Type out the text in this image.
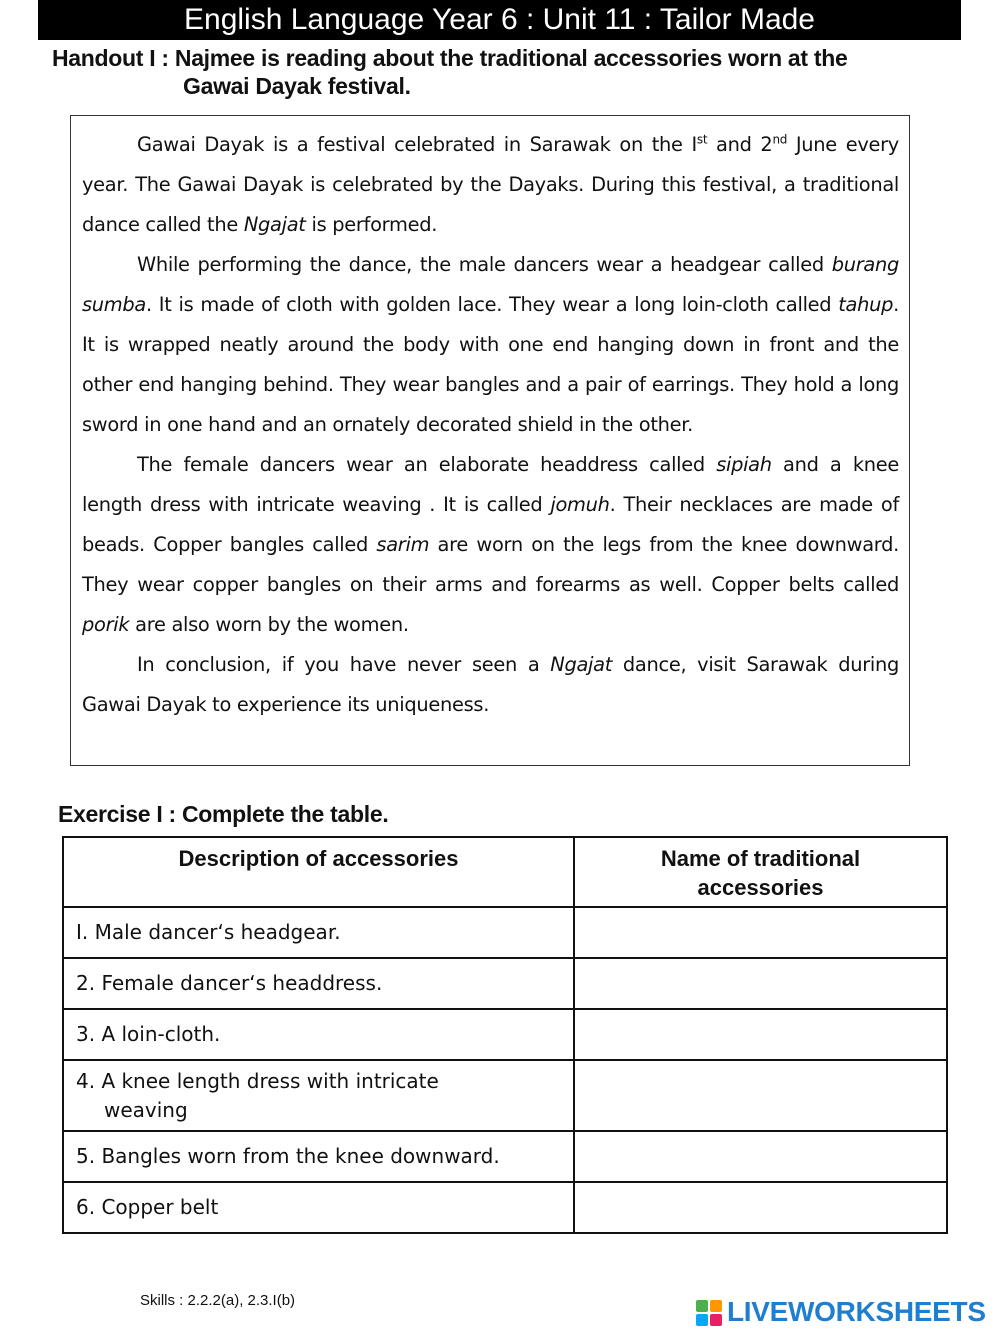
English Language Year 6 : Unit 11 : Tailor Made
Handout I : Najmee is reading about the traditional accessories worn at the
Gawai Dayak festival.

Gawai Dayak is a festival celebrated in Sarawak on the Ist and 2nd June every year. The Gawai Dayak is celebrated by the Dayaks. During this festival, a traditional dance called the Ngajat is performed.

While performing the dance, the male dancers wear a headgear called burang sumba. It is made of cloth with golden lace. They wear a long loin-cloth called tahup. It is wrapped neatly around the body with one end hanging down in front and the other end hanging behind. They wear bangles and a pair of earrings. They hold a long sword in one hand and an ornately decorated shield in the other.

The female dancers wear an elaborate headdress called sipiah and a knee length dress with intricate weaving . It is called jomuh. Their necklaces are made of beads. Copper bangles called sarim are worn on the legs from the knee downward. They wear copper bangles on their arms and forearms as well. Copper belts called porik are also worn by the women.

In conclusion, if you have never seen a Ngajat dance, visit Sarawak during Gawai Dayak to experience its uniqueness.

Exercise I : Complete the table.
Description of accessories	Name of traditional accessories
I. Male dancer‘s headgear.	
2. Female dancer‘s headdress.	
3. A loin-cloth.	
4. A knee length dress with intricate
weaving	

5. Bangles worn from the knee downward.	
6. Copper belt	
Skills : 2.2.2(a), 2.3.I(b)	LIVEWORKSHEETS
